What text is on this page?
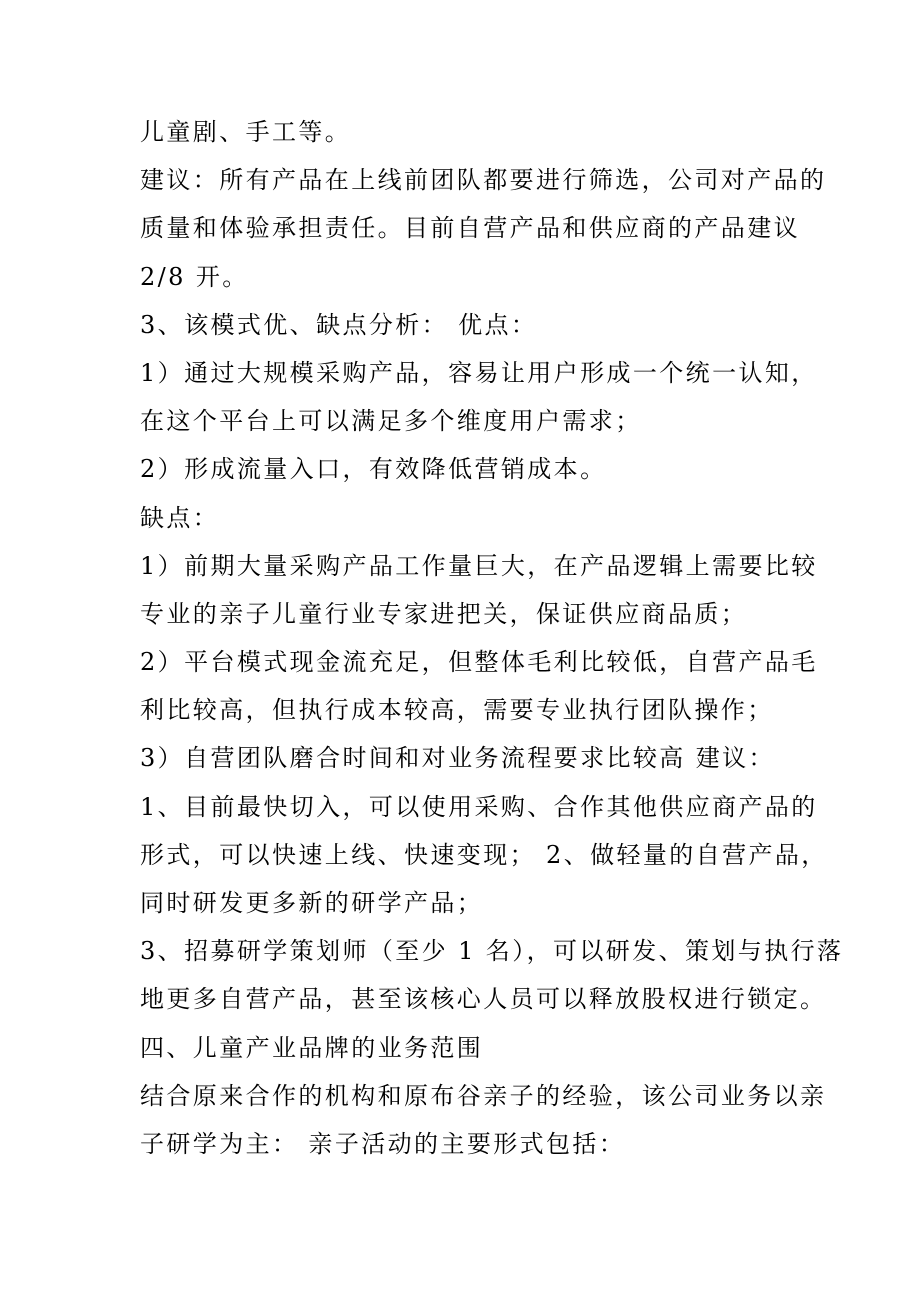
儿童剧、手工等。
建议：所有产品在上线前团队都要进行筛选，公司对产品的
质量和体验承担责任。目前自营产品和供应商的产品建议
2/8 开。
3、该模式优、缺点分析： 优点：
1）通过大规模采购产品，容易让用户形成一个统一认知，
在这个平台上可以满足多个维度用户需求；
2）形成流量入口，有效降低营销成本。
缺点：
1）前期大量采购产品工作量巨大，在产品逻辑上需要比较
专业的亲子儿童行业专家进把关，保证供应商品质；
2）平台模式现金流充足，但整体毛利比较低，自营产品毛
利比较高，但执行成本较高，需要专业执行团队操作；
3）自营团队磨合时间和对业务流程要求比较高 建议：
1、目前最快切入，可以使用采购、合作其他供应商产品的
形式，可以快速上线、快速变现； 2、做轻量的自营产品，
同时研发更多新的研学产品；
3、招募研学策划师（至少 1 名），可以研发、策划与执行落
地更多自营产品，甚至该核心人员可以释放股权进行锁定。
四、儿童产业品牌的业务范围
结合原来合作的机构和原布谷亲子的经验，该公司业务以亲
子研学为主： 亲子活动的主要形式包括：
